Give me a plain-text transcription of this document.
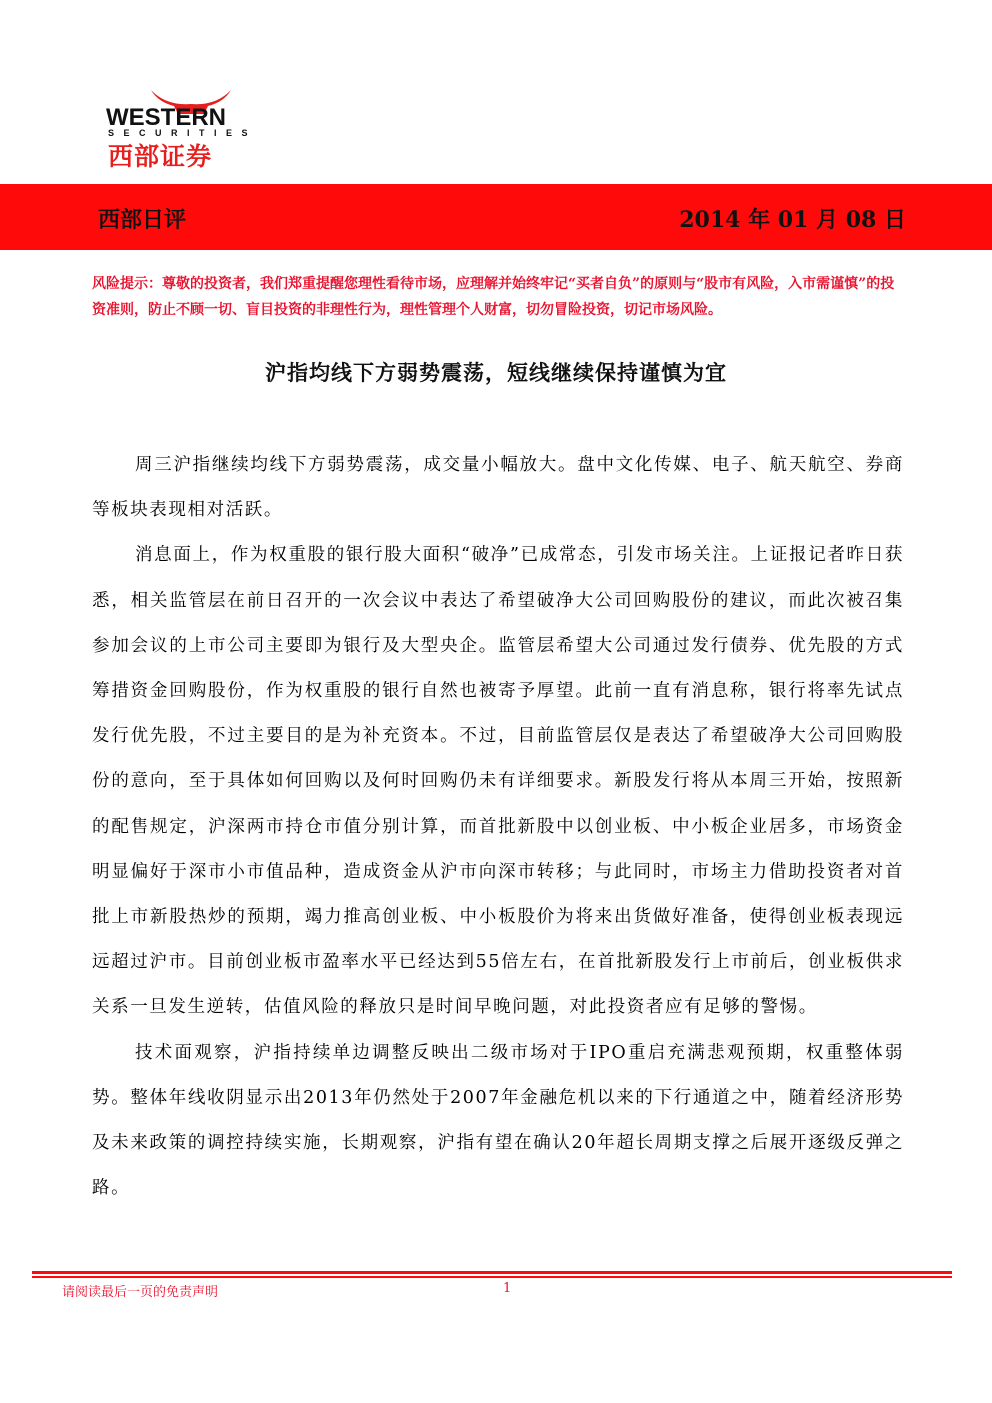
WESTERN
SECURITIES
西部证券
西部日评	2014 年 01 月 08 日
风险提示：尊敬的投资者，我们郑重提醒您理性看待市场，应理解并始终牢记“买者自负”的原则与“股市有风险，入市需谨慎”的投资准则，防止不顾一切、盲目投资的非理性行为，理性管理个人财富，切勿冒险投资，切记市场风险。
沪指均线下方弱势震荡，短线继续保持谨慎为宜

周三沪指继续均线下方弱势震荡，成交量小幅放大。盘中文化传媒、电子、航天航空、券商等板块表现相对活跃。

消息面上，作为权重股的银行股大面积“破净”已成常态，引发市场关注。上证报记者昨日获悉，相关监管层在前日召开的一次会议中表达了希望破净大公司回购股份的建议，而此次被召集参加会议的上市公司主要即为银行及大型央企。监管层希望大公司通过发行债券、优先股的方式筹措资金回购股份，作为权重股的银行自然也被寄予厚望。此前一直有消息称，银行将率先试点发行优先股，不过主要目的是为补充资本。不过，目前监管层仅是表达了希望破净大公司回购股份的意向，至于具体如何回购以及何时回购仍未有详细要求。新股发行将从本周三开始，按照新的配售规定，沪深两市持仓市值分别计算，而首批新股中以创业板、中小板企业居多，市场资金明显偏好于深市小市值品种，造成资金从沪市向深市转移；与此同时，市场主力借助投资者对首批上市新股热炒的预期，竭力推高创业板、中小板股价为将来出货做好准备，使得创业板表现远远超过沪市。目前创业板市盈率水平已经达到55倍左右，在首批新股发行上市前后，创业板供求关系一旦发生逆转，估值风险的释放只是时间早晚问题，对此投资者应有足够的警惕。

技术面观察，沪指持续单边调整反映出二级市场对于IPO重启充满悲观预期，权重整体弱势。整体年线收阴显示出2013年仍然处于2007年金融危机以来的下行通道之中，随着经济形势及未来政策的调控持续实施，长期观察，沪指有望在确认20年超长周期支撑之后展开逐级反弹之路。

请阅读最后一页的免责声明	1
